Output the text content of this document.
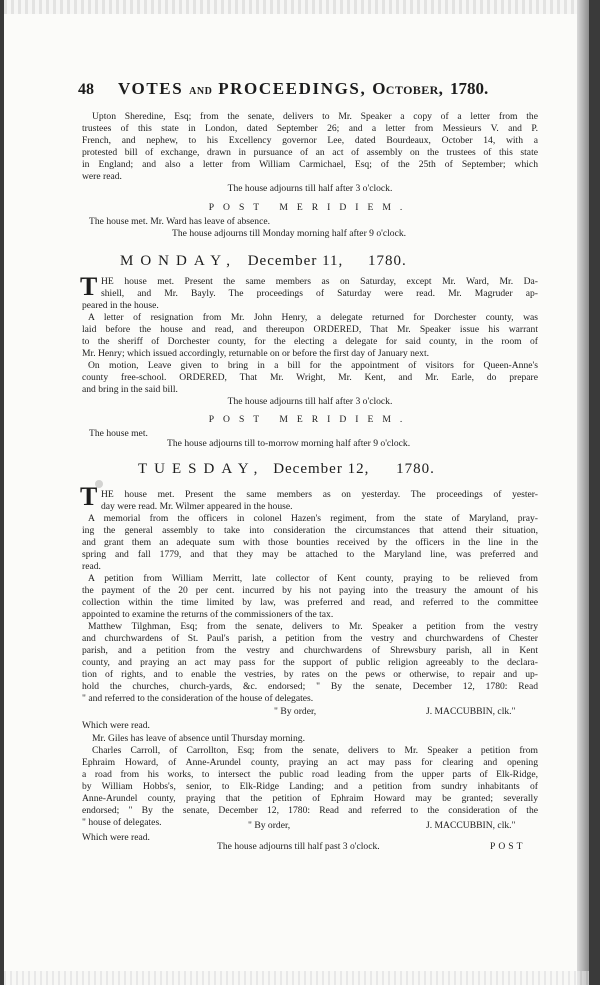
48 VOTES AND PROCEEDINGS, October, 1780.
Upton Sheredine, Esq; from the senate, delivers to Mr. Speaker a copy of a letter from the
trustees of this state in London, dated September 26; and a letter from Messieurs V. and P.
French, and nephew, to his Excellency governor Lee, dated Bourdeaux, October 14, with a
protested bill of exchange, drawn in pursuance of an act of assembly on the trustees of this state
in England; and also a letter from William Carmichael, Esq; of the 25th of September; which
were read.
The house adjourns till half after 3 o'clock.
POST MERIDIEM.
The house met. Mr. Ward has leave of absence.
The house adjourns till Monday morning half after 9 o'clock.
MONDAY, December 11, 1780.
T HE house met. Present the same members as on Saturday, except Mr. Ward, Mr. Da-
shiell, and Mr. Bayly. The proceedings of Saturday were read. Mr. Magruder ap-
peared in the house.
A letter of resignation from Mr. John Henry, a delegate returned for Dorchester county, was
laid before the house and read, and thereupon ORDERED, That Mr. Speaker issue his warrant
to the sheriff of Dorchester county, for the electing a delegate for said county, in the room of
Mr. Henry; which issued accordingly, returnable on or before the first day of January next.
On motion, Leave given to bring in a bill for the appointment of visitors for Queen-Anne's
county free-school. ORDERED, That Mr. Wright, Mr. Kent, and Mr. Earle, do prepare
and bring in the said bill.
The house adjourns till half after 3 o'clock.
POST MERIDIEM.
The house met.
The house adjourns till to-morrow morning half after 9 o'clock.
TUESDAY, December 12, 1780.
T HE house met. Present the same members as on yesterday. The proceedings of yester-
day were read. Mr. Wilmer appeared in the house.
A memorial from the officers in colonel Hazen's regiment, from the state of Maryland, pray-
ing the general assembly to take into consideration the circumstances that attend their situation,
and grant them an adequate sum with those bounties received by the officers in the line in the
spring and fall 1779, and that they may be attached to the Maryland line, was preferred and
read.
A petition from William Merritt, late collector of Kent county, praying to be relieved from
the payment of the 20 per cent. incurred by his not paying into the treasury the amount of his
collection within the time limited by law, was preferred and read, and referred to the committee
appointed to examine the returns of the commissioners of the tax.
Matthew Tilghman, Esq; from the senate, delivers to Mr. Speaker a petition from the vestry
and churchwardens of St. Paul's parish, a petition from the vestry and churchwardens of Chester
parish, and a petition from the vestry and churchwardens of Shrewsbury parish, all in Kent
county, and praying an act may pass for the support of public religion agreeably to the declara-
tion of rights, and to enable the vestries, by rates on the pews or otherwise, to repair and up-
hold the churches, church-yards, &c. endorsed; " By the senate, December 12, 1780: Read
" and referred to the consideration of the house of delegates.
" By order,	J. MACCUBBIN, clk."
Which were read.
Mr. Giles has leave of absence until Thursday morning.
Charles Carroll, of Carrollton, Esq; from the senate, delivers to Mr. Speaker a petition from
Ephraim Howard, of Anne-Arundel county, praying an act may pass for clearing and opening
a road from his works, to intersect the public road leading from the upper parts of Elk-Ridge,
by William Hobbs's, senior, to Elk-Ridge Landing; and a petition from sundry inhabitants of
Anne-Arundel county, praying that the petition of Ephraim Howard may be granted; severally
endorsed; " By the senate, December 12, 1780: Read and referred to the consideration of the
" house of delegates.	" By order,	J. MACCUBBIN, clk."
Which were read.
The house adjourns till half past 3 o'clock.	POST
